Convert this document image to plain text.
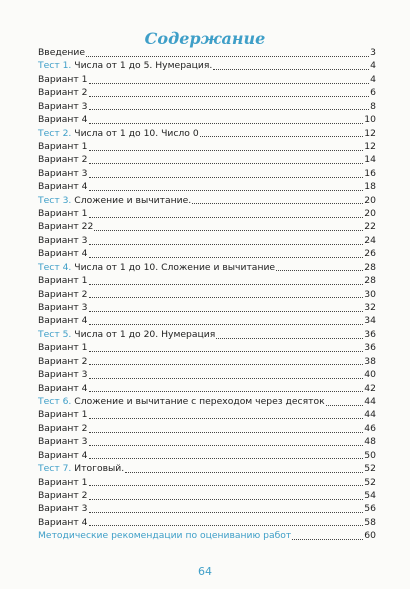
Содержание
Введение	3
Тест 1. Числа от 1 до 5. Нумерация.	4
Вариант 1	4
Вариант 2	6
Вариант 3	8
Вариант 4	10
Тест 2. Числа от 1 до 10. Число 0	12
Вариант 1	12
Вариант 2	14
Вариант 3	16
Вариант 4	18
Тест 3. Сложение и вычитание.	20
Вариант 1	20
Вариант 22	22
Вариант 3	24
Вариант 4	26
Тест 4. Числа от 1 до 10. Сложение и вычитание	28
Вариант 1	28
Вариант 2	30
Вариант 3	32
Вариант 4	34
Тест 5. Числа от 1 до 20. Нумерация	36
Вариант 1	36
Вариант 2	38
Вариант 3	40
Вариант 4	42
Тест 6. Сложение и вычитание с переходом через десяток	44
Вариант 1	44
Вариант 2	46
Вариант 3	48
Вариант 4	50
Тест 7. Итоговый.	52
Вариант 1	52
Вариант 2	54
Вариант 3	56
Вариант 4	58
Методические рекомендации по оцениванию работ	60
64
